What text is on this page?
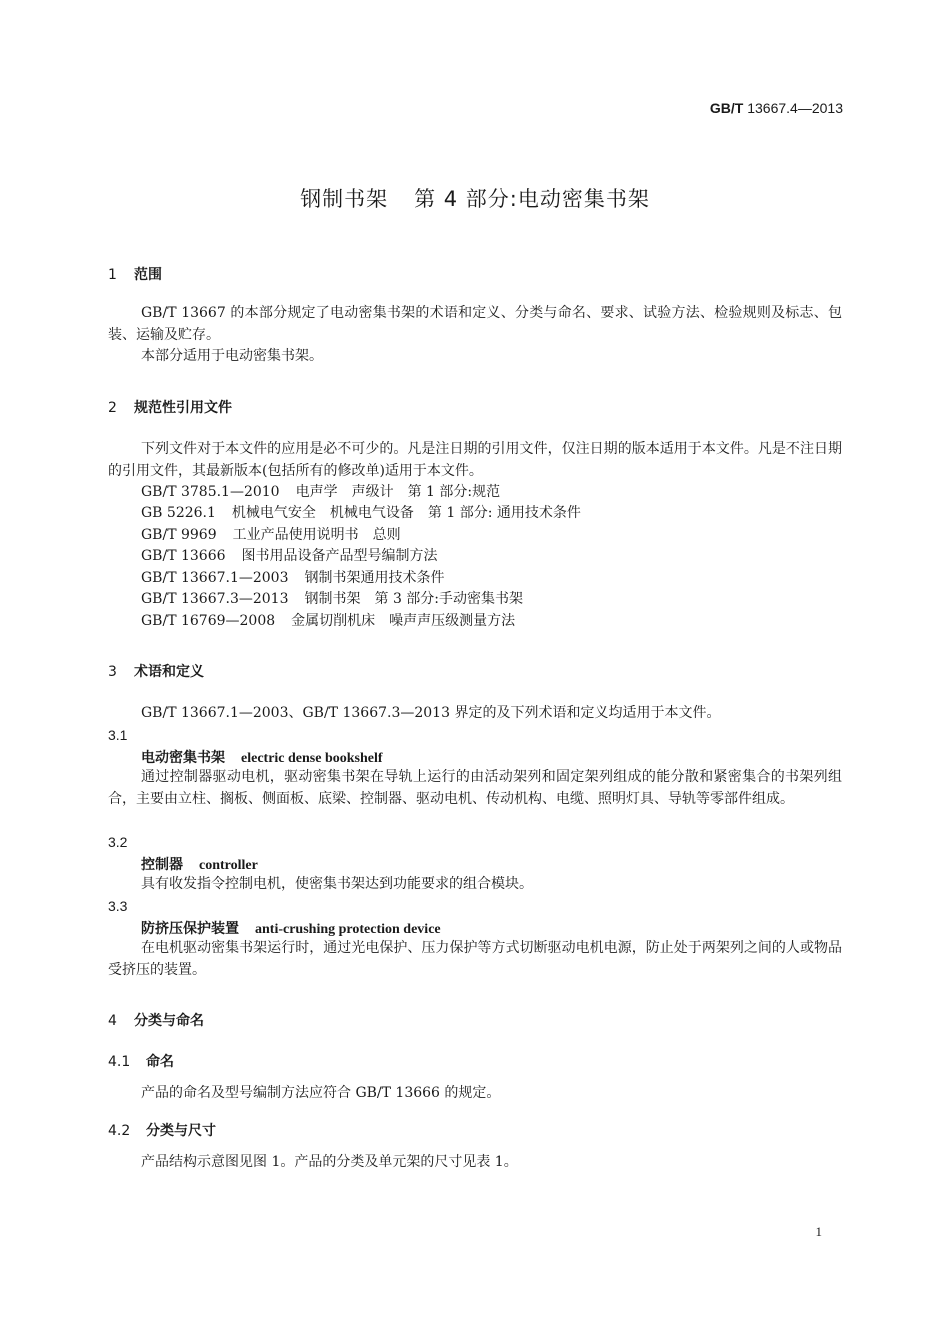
GB/T 13667.4—2013
钢制书架 第 4 部分:电动密集书架
1 范围
GB/T 13667 的本部分规定了电动密集书架的术语和定义、分类与命名、要求、试验方法、检验规则及标志、包装、运输及贮存。
本部分适用于电动密集书架。
2 规范性引用文件
下列文件对于本文件的应用是必不可少的。凡是注日期的引用文件，仅注日期的版本适用于本文件。凡是不注日期的引用文件，其最新版本(包括所有的修改单)适用于本文件。
GB/T 3785.1—2010 电声学　声级计　第 1 部分:规范
GB 5226.1 机械电气安全　机械电气设备　第 1 部分: 通用技术条件
GB/T 9969 工业产品使用说明书　总则
GB/T 13666 图书用品设备产品型号编制方法
GB/T 13667.1—2003 钢制书架通用技术条件
GB/T 13667.3—2013 钢制书架　第 3 部分:手动密集书架
GB/T 16769—2008 金属切削机床　噪声声压级测量方法
3 术语和定义
GB/T 13667.1—2003、GB/T 13667.3—2013 界定的及下列术语和定义均适用于本文件。
3.1
电动密集书架 electric dense bookshelf
通过控制器驱动电机，驱动密集书架在导轨上运行的由活动架列和固定架列组成的能分散和紧密集合的书架列组合，主要由立柱、搁板、侧面板、底梁、控制器、驱动电机、传动机构、电缆、照明灯具、导轨等零部件组成。
3.2
控制器 controller
具有收发指令控制电机，使密集书架达到功能要求的组合模块。
3.3
防挤压保护装置 anti-crushing protection device
在电机驱动密集书架运行时，通过光电保护、压力保护等方式切断驱动电机电源，防止处于两架列之间的人或物品受挤压的装置。
4 分类与命名
4.1 命名
产品的命名及型号编制方法应符合 GB/T 13666 的规定。
4.2 分类与尺寸
产品结构示意图见图 1。产品的分类及单元架的尺寸见表 1。
1
